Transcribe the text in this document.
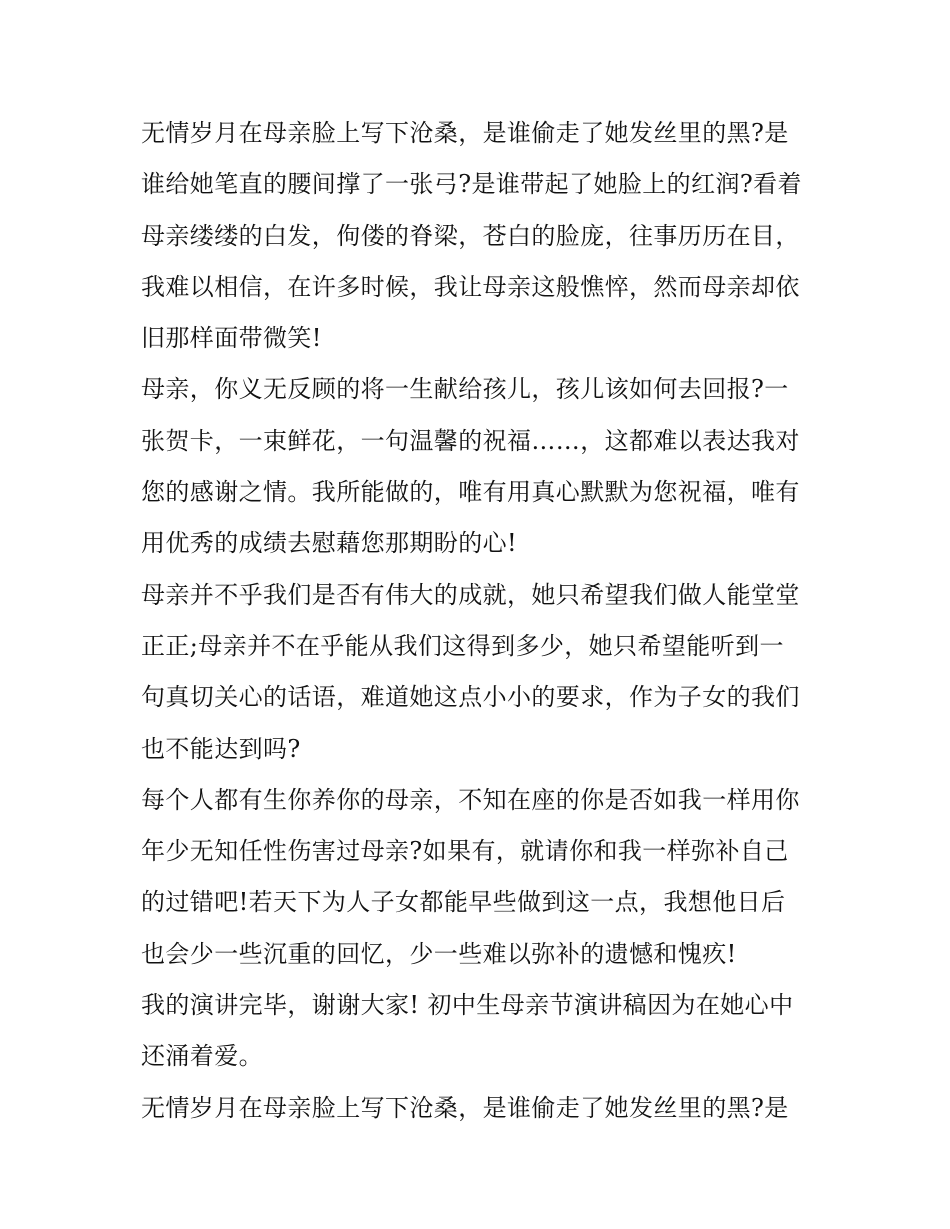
无情岁月在母亲脸上写下沧桑，是谁偷走了她发丝里的黑?是
谁给她笔直的腰间撑了一张弓?是谁带起了她脸上的红润?看着
母亲缕缕的白发，佝偻的脊梁，苍白的脸庞，往事历历在目，
我难以相信，在许多时候，我让母亲这般憔悴，然而母亲却依
旧那样面带微笑!
母亲，你义无反顾的将一生献给孩儿，孩儿该如何去回报?一
张贺卡，一束鲜花，一句温馨的祝福……，这都难以表达我对
您的感谢之情。我所能做的，唯有用真心默默为您祝福，唯有
用优秀的成绩去慰藉您那期盼的心!
母亲并不乎我们是否有伟大的成就，她只希望我们做人能堂堂
正正;母亲并不在乎能从我们这得到多少，她只希望能听到一
句真切关心的话语，难道她这点小小的要求，作为子女的我们
也不能达到吗?
每个人都有生你养你的母亲，不知在座的你是否如我一样用你
年少无知任性伤害过母亲?如果有，就请你和我一样弥补自己
的过错吧!若天下为人子女都能早些做到这一点，我想他日后
也会少一些沉重的回忆，少一些难以弥补的遗憾和愧疚!
我的演讲完毕，谢谢大家! 初中生母亲节演讲稿因为在她心中
还涌着爱。
无情岁月在母亲脸上写下沧桑，是谁偷走了她发丝里的黑?是
